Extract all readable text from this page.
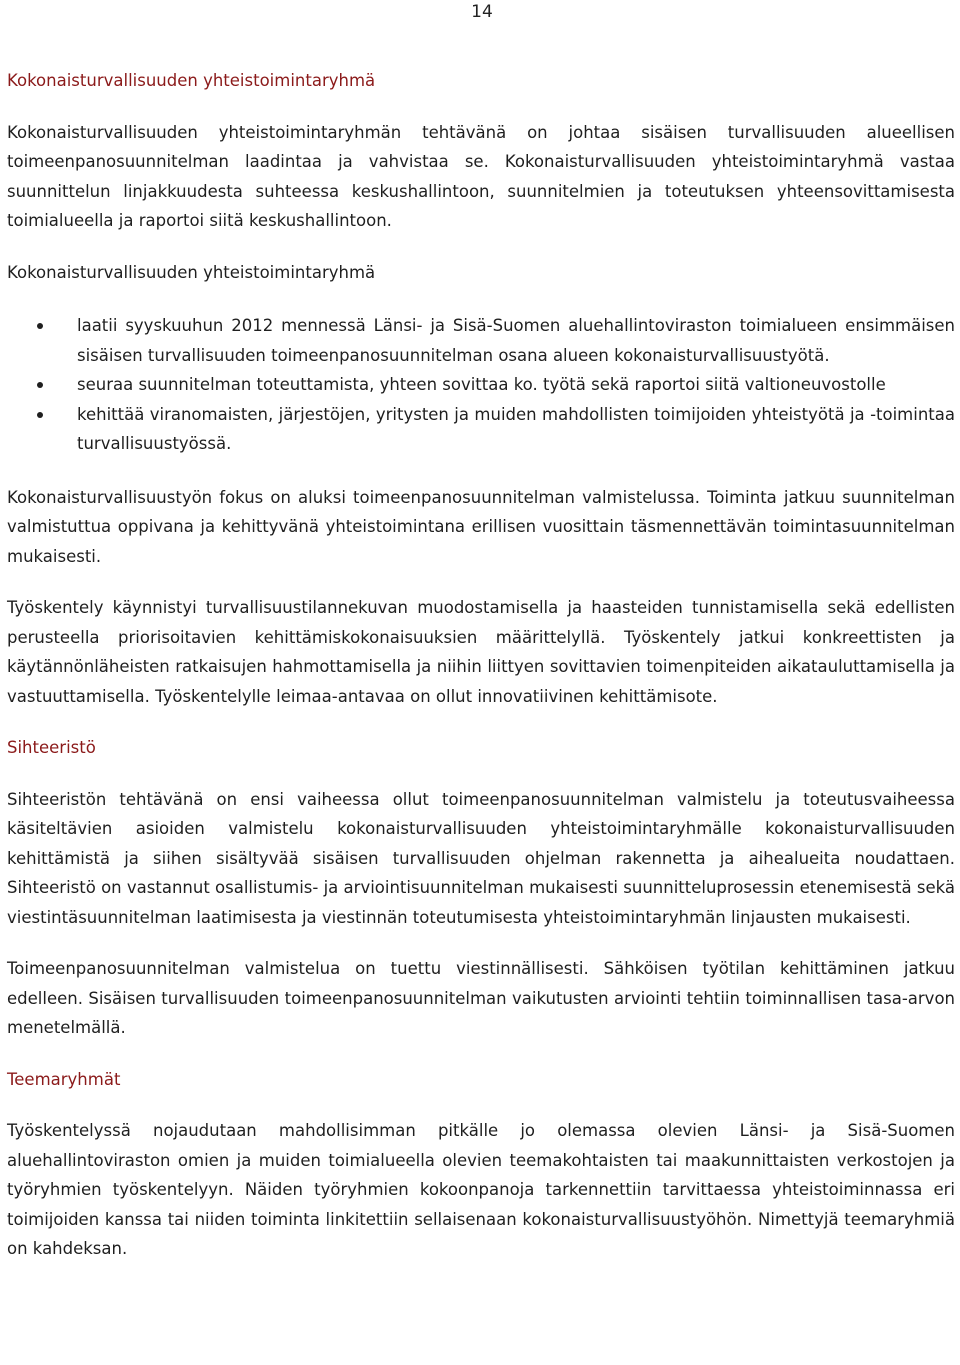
14
Kokonaisturvallisuuden yhteistoimintaryhmä

Kokonaisturvallisuuden yhteistoimintaryhmän tehtävänä on johtaa sisäisen turvallisuuden alueellisen toimeenpanosuunnitelman laadintaa ja vahvistaa se. Kokonaisturvallisuuden yhteistoimintaryhmä vastaa suunnittelun linjakkuudesta suhteessa keskushallintoon, suunnitelmien ja toteutuksen yhteensovittamisesta toimialueella ja raportoi siitä keskushallintoon.

Kokonaisturvallisuuden yhteistoimintaryhmä

laatii syyskuuhun 2012 mennessä Länsi- ja Sisä-Suomen aluehallintoviraston toimialueen ensimmäisen sisäisen turvallisuuden toimeenpanosuunnitelman osana alueen kokonaisturvallisuustyötä.
seuraa suunnitelman toteuttamista, yhteen sovittaa ko. työtä sekä raportoi siitä valtioneuvostolle
kehittää viranomaisten, järjestöjen, yritysten ja muiden mahdollisten toimijoiden yhteistyötä ja -toimintaa turvallisuustyössä.

Kokonaisturvallisuustyön fokus on aluksi toimeenpanosuunnitelman valmistelussa. Toiminta jatkuu suunnitelman valmistuttua oppivana ja kehittyvänä yhteistoimintana erillisen vuosittain täsmennettävän toimintasuunnitelman mukaisesti.

Työskentely käynnistyi turvallisuustilannekuvan muodostamisella ja haasteiden tunnistamisella sekä edellisten perusteella priorisoitavien kehittämiskokonaisuuksien määrittelyllä. Työskentely jatkui konkreettisten ja käytännönläheisten ratkaisujen hahmottamisella ja niihin liittyen sovittavien toimenpiteiden aikatauluttamisella ja vastuuttamisella. Työskentelylle leimaa-antavaa on ollut innovatiivinen kehittämisote.

Sihteeristö

Sihteeristön tehtävänä on ensi vaiheessa ollut toimeenpanosuunnitelman valmistelu ja toteutusvaiheessa käsiteltävien asioiden valmistelu kokonaisturvallisuuden yhteistoimintaryhmälle kokonaisturvallisuuden kehittämistä ja siihen sisältyvää sisäisen turvallisuuden ohjelman rakennetta ja aihealueita noudattaen. Sihteeristö on vastannut osallistumis- ja arviointisuunnitelman mukaisesti suunnitteluprosessin etenemisestä sekä viestintäsuunnitelman laatimisesta ja viestinnän toteutumisesta yhteistoimintaryhmän linjausten mukaisesti.

Toimeenpanosuunnitelman valmistelua on tuettu viestinnällisesti. Sähköisen työtilan kehittäminen jatkuu edelleen. Sisäisen turvallisuuden toimeenpanosuunnitelman vaikutusten arviointi tehtiin toiminnallisen tasa-arvon menetelmällä.

Teemaryhmät

Työskentelyssä nojaudutaan mahdollisimman pitkälle jo olemassa olevien Länsi- ja Sisä-Suomen aluehallintoviraston omien ja muiden toimialueella olevien teemakohtaisten tai maakunnittaisten verkostojen ja työryhmien työskentelyyn. Näiden työryhmien kokoonpanoja tarkennettiin tarvittaessa yhteistoiminnassa eri toimijoiden kanssa tai niiden toiminta linkitettiin sellaisenaan kokonaisturvallisuustyöhön. Nimettyjä teemaryhmiä on kahdeksan.
